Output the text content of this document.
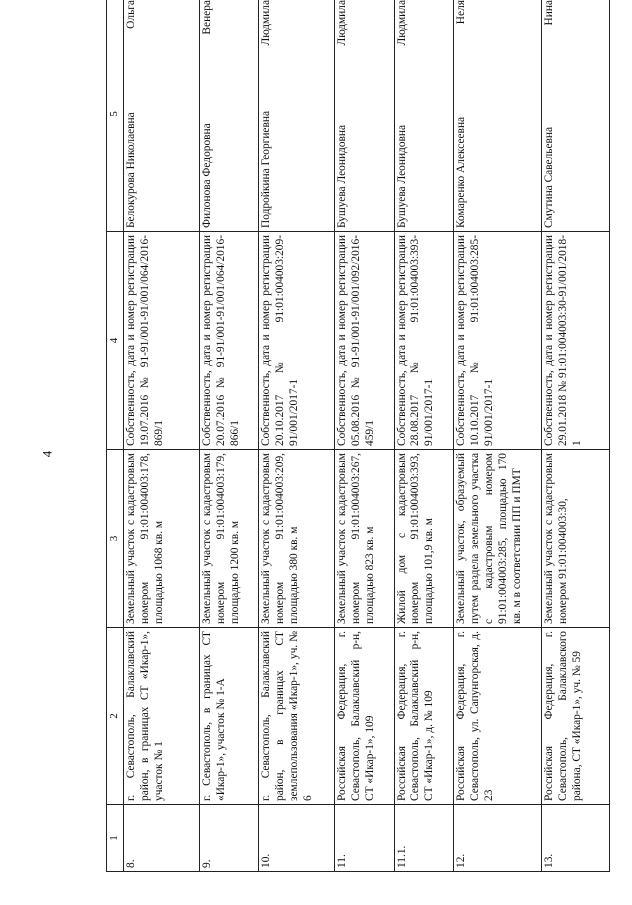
4
1	2	3	4	5
8.	г. Севастополь, Балаклавский район, в границах СТ «Икар-1», участок № 1	Земельный участок с кадастровым номером 91:01:004003:178, площадью 1068 кв. м	Собственность, дата и номер регистрации 19.07.2016 № 91-91/001-91/001/064/2016-869/1	Ольга
Белокурова Николаевна
9.	г. Севастополь, в границах СТ «Икар-1», участок № 1-А	Земельный участок с кадастровым номером 91:01:004003:179, площадью 1200 кв. м	Собственность, дата и номер регистрации 20.07.2016 № 91-91/001-91/001/064/2016-866/1	Венера
Филонова Федоровна
10.	г. Севастополь, Балаклавский район, в границах СТ землепользования «Икар-1», уч. № 6	Земельный участок с кадастровым номером 91:01:004003:209, площадью 380 кв. м	Собственность, дата и номер регистрации 20.10.2017 № 91:01:004003:209-91/001/2017-1	Людмила
Подройкина Георгиевна
11.	Российская Федерация, г. Севастополь, Балаклавский р-н, СТ «Икар-1», 109	Земельный участок с кадастровым номером 91:01:004003:267, площадью 823 кв. м	Собственность, дата и номер регистрации 05.08.2016 № 91-91/001-91/001/092/2016-459/1	Людмила
Бушуева Леонидовна
11.1.	Российская Федерация, г. Севастополь, Балаклавский р-н, СТ «Икар-1», д. № 109	Жилой дом с кадастровым номером 91:01:004003:393, площадью 101,9 кв. м	Собственность, дата и номер регистрации 28.08.2017 № 91:01:004003:393-91/001/2017-1	Людмила
Бушуева Леонидовна
12.	Российская Федерация, г. Севастополь, ул. Сапунгорская, д. 23	Земельный участок, образуемый путем раздела земельного участка с кадастровым номером 91:01:004003:285, площадью 170 кв. м в соответствии ПП и ПМТ	Собственность, дата и номер регистрации 10.10.2017 № 91:01:004003:285-91/001/2017-1	Неля
Комаренко Алексеевна
13.	Российская Федерация, г. Севастополь, Балаклавского района, СТ «Икар-1», уч. № 59	Земельный участок с кадастровым номером 91:01:004003:30,	Собственность, дата и номер регистрации 29.01.2018 № 91:01:004003:30-91/001/2018-1	Нина
Смутина Савельевна
